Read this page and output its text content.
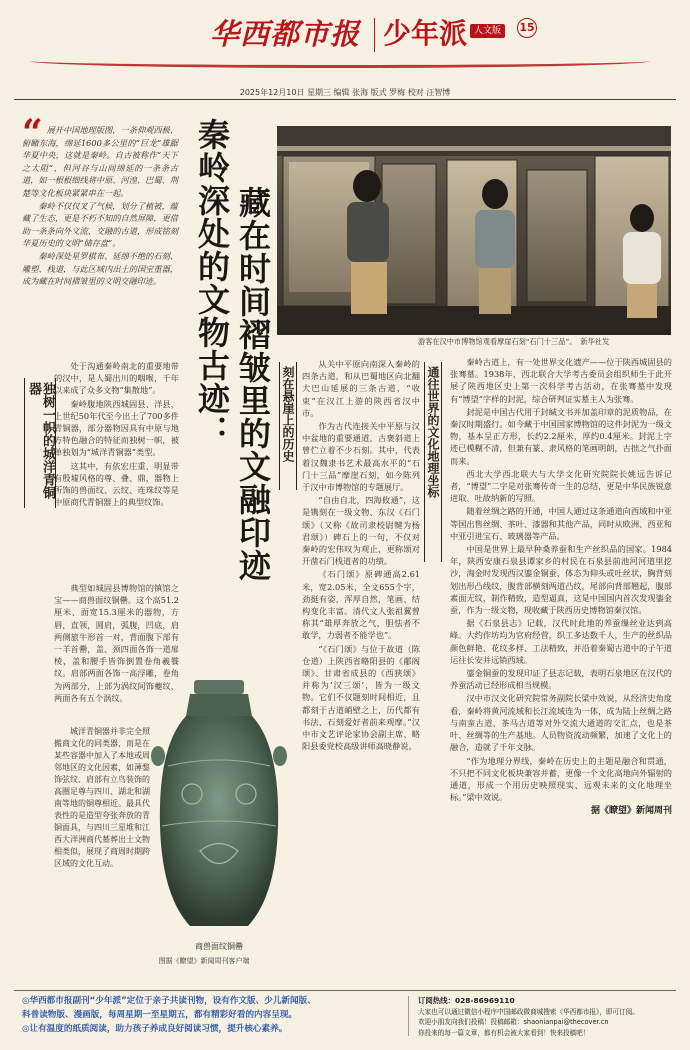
华西都市报 少年派 人文版	15
2025年12月10日 星期三 编辑 张海 版式 罗梅 校对 汪智博
“ 展开中国地理版图，一条仰观西极、俯瞰东海，绵延1600多公里的“巨龙”雄踞华夏中央，这就是秦岭。自古被称作“天下之大阻”，但河谷与山间绵延的一条条古道，如一根根细线将中原、河湟、巴蜀、荆楚等文化板块紧紧串在一起。

秦岭不仅仅叉了气候，划分了植被，蕴藏了生态，更是不朽不知的自然屏障，更借助一条条向外文流、交融的古道，形成铭刻华夏历史的文明“储存盘”。

秦岭深处星罗棋布、延绵不绝的石刻、雕塑、栈道，与此区域内出土的国宝重器，成为藏在时间褶皱里的文明交融印迹。 秦岭深处的文物古迹： 藏在时间褶皱里的文融印迹	游客在汉中市博物馆观看摩崖石刻“石门十三品”。 新华社发
独树一帜的城洋青铜器

处于沟通秦岭南北的重要地带的汉中，是人蜀出川的咽喉，千年以来成了众多文物“集散地”。

秦岭腹地陕西城固县、洋县，上世纪50年代至今出土了700多件青铜器，部分器物因具有中原与地方特色融合的特征而独树一帜，被单独划为“城洋青铜器”类型。

这其中，有依宏庄重、明显带有殷墟风格的尊、叠、鼎，器物上所饰的兽面纹、云纹、连珠纹等是中原商代青铜器上的典型纹饰。

典型如城固县博物馆的镇馆之宝——商兽面纹铜罍。这个高51.2厘米、面宽15.3厘米的器物，方唇，直领，圆肩，弧腹，凹底，肩两侧旅牛形首一对，背面腹下部有一羊首罍，盖、颈四面各饰一道扉棱，盖和腰手皆饰倒置卷角羲餮纹。肩部两面各饰一高浮雕，卷角为两部分，上部为涡纹间饰夔纹，两面各有五个涡纹。

商兽面纹铜罍
图据《瞭望》新闻周刊客户端

城洋青铜器并非完全照搬商文化的同类器，而是在某些容器中加入了本地或周邻地区的文化因素，如薄鍪饰弦纹、肩部有立鸟装饰的高圈足尊与四川、湖北和湖南等地的铜尊相近。最具代表性的是造型夸张奔放的青铜面具，与四川三星堆和江西大洋洲商代墓葬出土文物相类似，展现了商周时期跨区域的文化互动。

刻在悬崖上的历史

从关中平原向南深入秦岭的四条古道，和从巴蜀地区向北翻大巴山延展的三条古道，“收束”在汉江上游的陕西省汉中市。

作为古代连接关中平原与汉中盆地的重要通道，古褒斜道上曾伫立着不少石刻。其中，代表着汉魏隶书艺术最高水平的“石门十三品”摩崖石刻，如今陈列于汉中市博物馆的专题展厅。

“自由自北，四海攸通”，这是镌刻在一级文物、东汉《石门颂》（又称《故司隶校尉犍为杨君颂》）碑石上的一句，不仅对秦岭的宏伟叹为观止，更称颂对开凿石门栈道者的功绩。

《石门颂》原碑通高2.61米，宽2.05米，全文655个字，劲挺有姿，浑厚自然，笔画、结构变化丰富。清代文人张祖翼曾称其“雄厚奔放之气，胆怯者不敢学，力弱者不能学也”。

“《石门颂》与位于故道（陈仓道）上陕西省略阳县的《郙阁颂》、甘肃省成县的《西狭颂》并称为‘汉三颂’，皆为一级文物。它们不仅题刻时间相近，且都刻于古道峭壁之上，历代都有书法、石刻爱好者前来观摩。”汉中市文艺评论家协会副主席、略阳县委党校高级讲师高晓静说。

通往世界的文化地理坐标

秦岭古道上，有一处世界文化遗产——位于陕西城固县的张骞墓。1938年，西北联合大学考古委员会组织师生于此开展了陕西地区史上第一次科学考古活动，在张骞墓中发现有“博望”字样的封泥，综合研判证实墓主人为张骞。

封泥是中国古代用于封缄文书并加盖印章的泥质物品，在秦汉时期盛行。如今藏于中国国家博物馆的这件封泥为一级文物，基本呈正方形，长约2.2厘米，厚约0.4厘米。封泥上字迹已模糊不清，但兼有篆、隶风格的笔画明朗，古拙之气扑面而来。

西北大学西北联大与大学文化研究院院长姚远告诉记者，“博望”二字是对张骞传奇一生的总结，更是中华民族锐意进取、吐故纳新的写照。

随着丝绸之路的开通，中国人通过这条通道向西域和中亚等国出售丝绸、茶叶、漆器和其他产品，同时从欧洲、西亚和中亚引进宝石、玻璃器等产品。

中国是世界上最早种桑养蚕和生产丝织品的国家。1984年，陕西安康石泉县谭家乡的村民在石泉县前池河河道里挖沙，淘金时发现西汉鎏金铜蚕，体态为仰头或吐丝状，胸背刻划出形凸线纹，腹背部横刻两道凸纹，尾部向背部翘起，腹部素面无纹，制作精致，造型逼真，这是中国国内首次发现鎏金蚕，作为一级文物，现收藏于陕西历史博物馆秦汉馆。

据《石泉县志》记载，汉代时此地的养蚕缫丝业达到高峰。大约作坊均为官府经营，织工多达数千人，生产的丝织品颜色鲜艳、花纹多样、工法精致，并沿着秦蜀古道中的子午道运往长安并远销西域。

鎏金铜蚕的发现印证了县志记载，表明石泉地区在汉代的养蚕活动已经形成相当规模。

汉中市汉文化研究院常务副院长梁中效说，从经济史角度看，秦岭将黄河流域和长江流域连为一体，成为陆上丝绸之路与南蛮古道、茶马古道等对外交流大通道的交汇点，也是茶叶、丝绸等的生产基地。人员物资流动频繁，加速了文化上的融合，造就了千年文脉。

“作为地理分界线，秦岭在历史上的主题是融合和贯通，不只把不同文化板块兼容并蓄，更像一个文化高地向外辐射的通道，形成一个用历史映照现实、远观未来的文化地理坐标。”梁中效说。

据《瞭望》新闻周刊
◎华西都市报副刊“少年派”定位于亲子共读刊物，设有作文版、少儿新闻版、
科普读物版、漫画版，每周星期一至星期五，都有精彩好看的内容呈现。
◎让有温度的纸质阅读，助力孩子养成良好阅读习惯，提升核心素养。
订阅热线：028-86969110
大家也可以通过微信小程序中国邮政微商城搜索《华西都市报》，即可订阅。
欢迎小朋友向我们投稿！投稿邮箱：shaonianpai@thecover.cn
你投来的每一篇文章，都有机会被大家看到！快来投稿吧！
